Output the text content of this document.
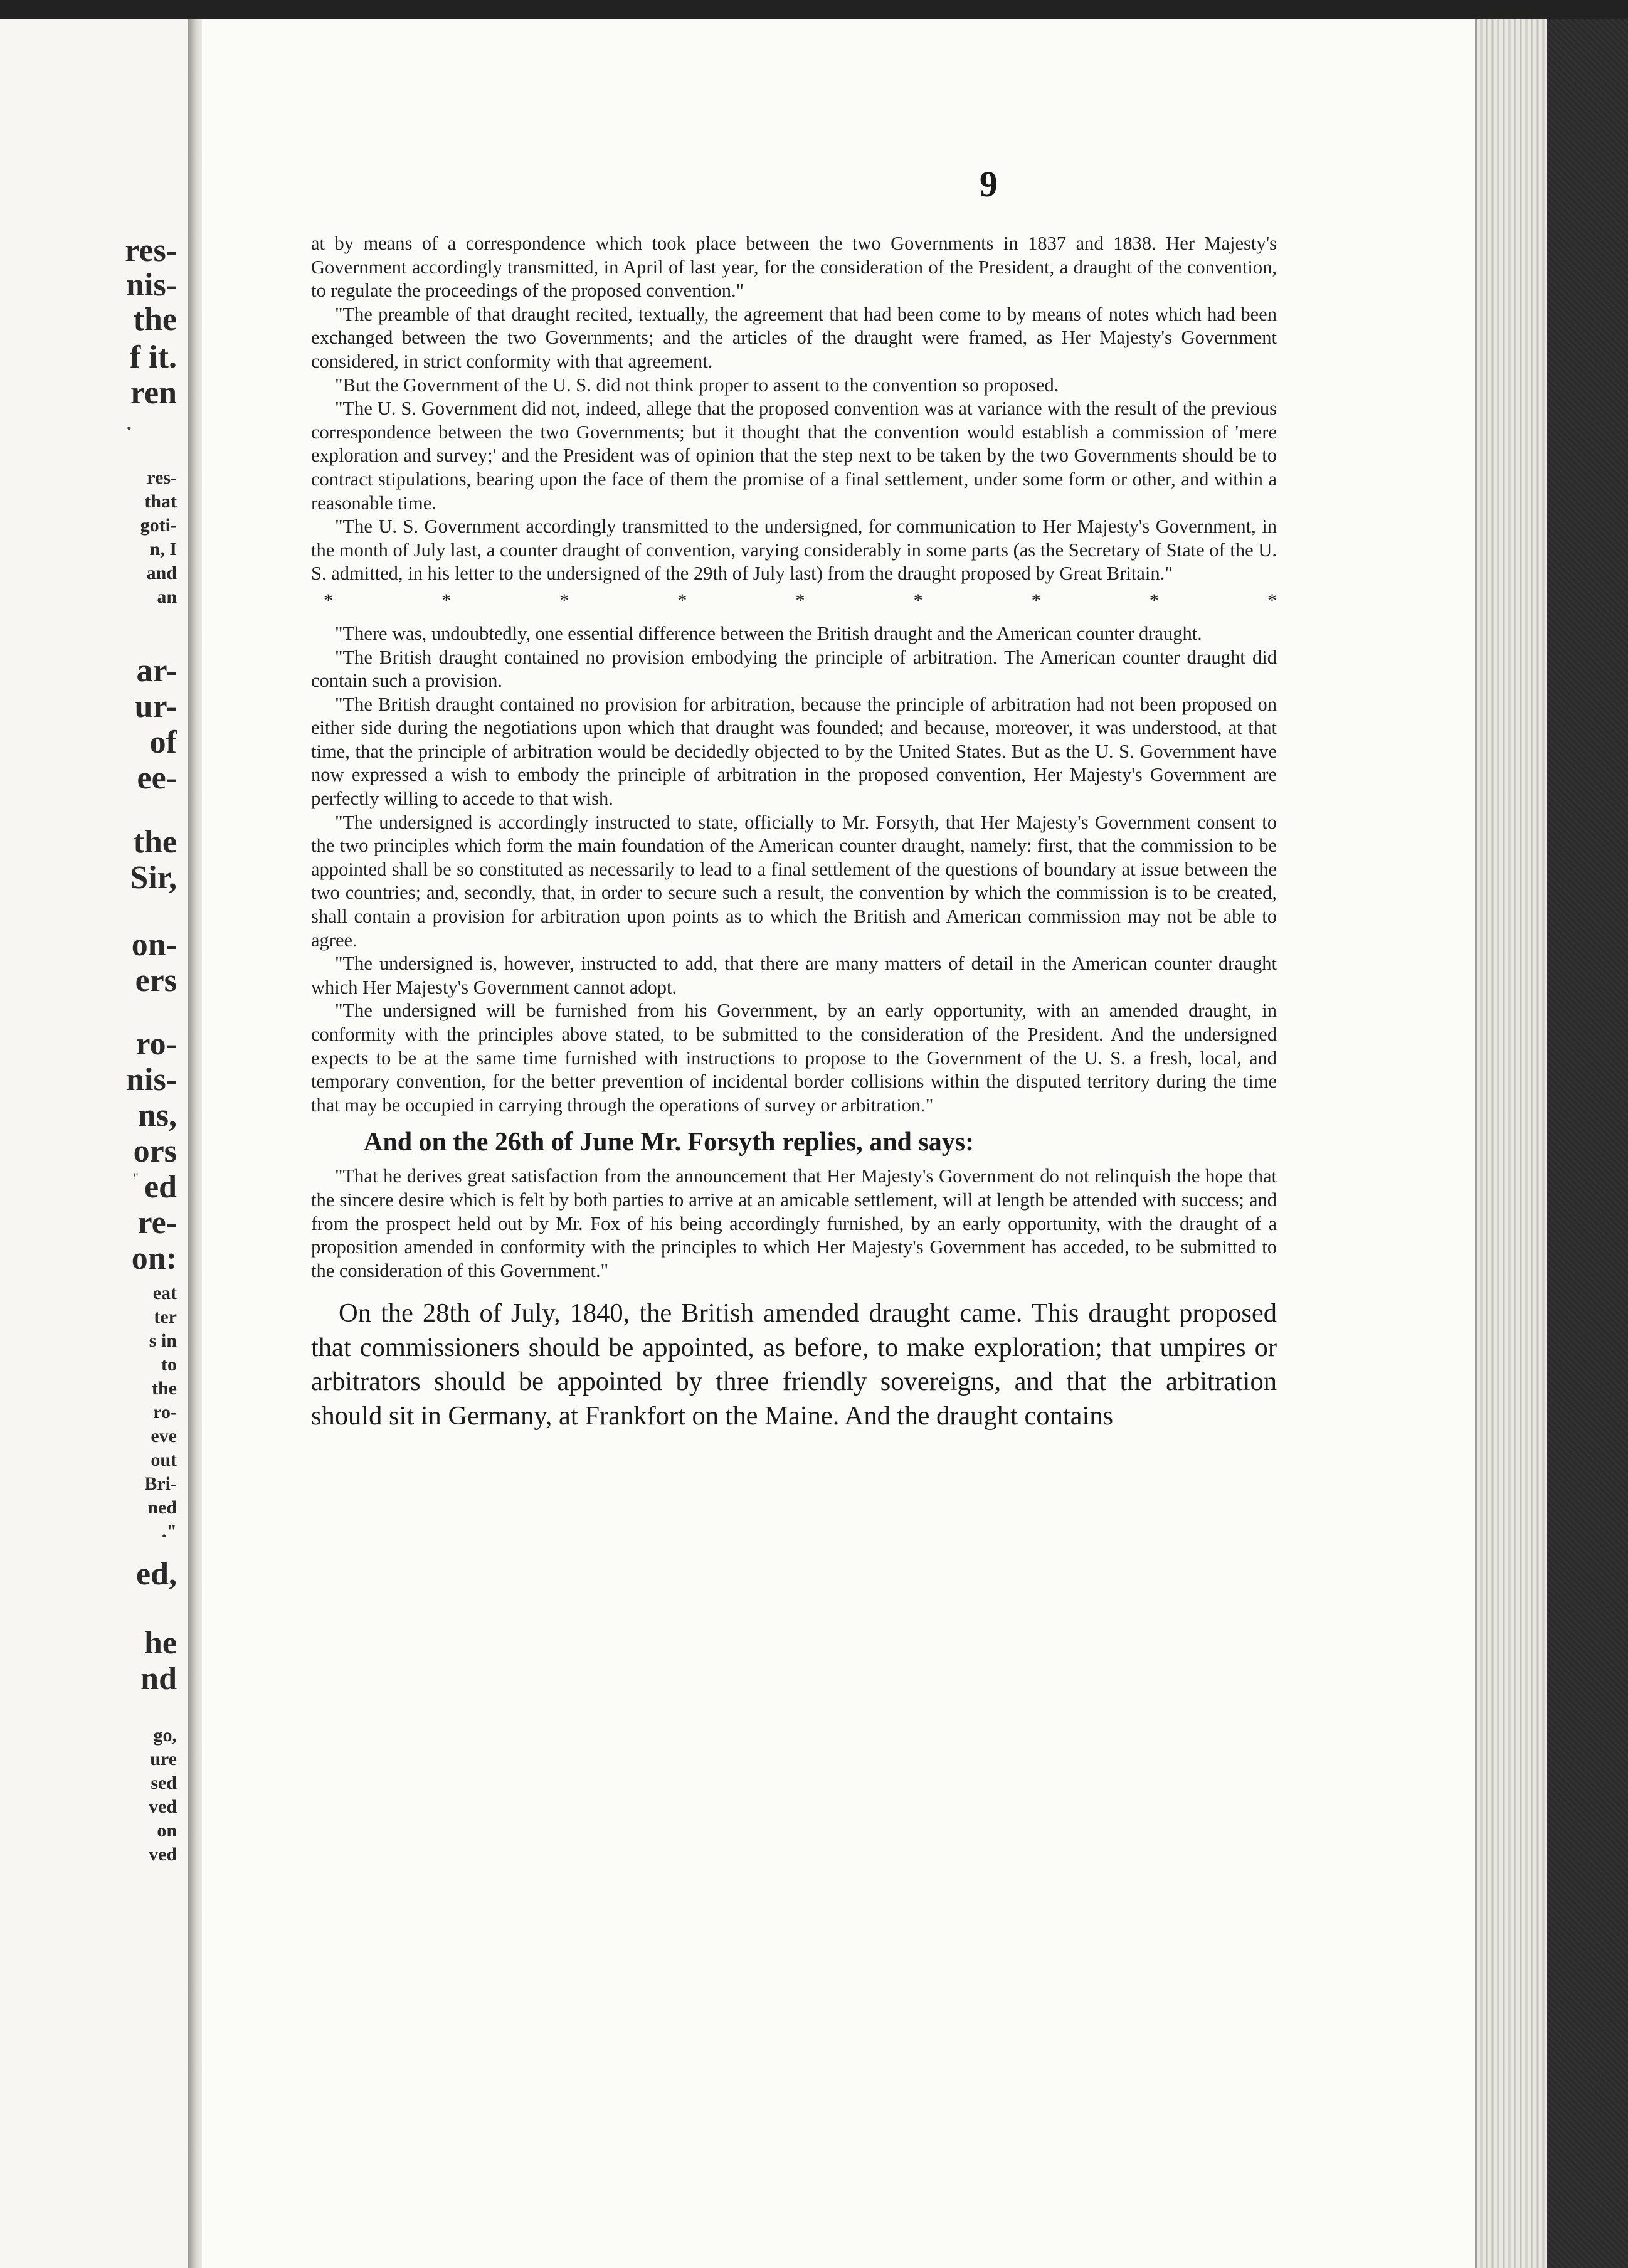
res-
nis-
the
f it.
ren
res-
that
goti-
n, I
and
an
ar-
ur-
of
ee-
the
Sir,
on-
ers
ro-
nis-
ns,
ors
ed
re-
on:
eat
ter
s in
to
the
ro-
eve
out
Bri-
ned
."
ed,
he
nd
go,
ure
sed
ved
on
ved
9
•
"

at by means of a correspondence which took place between the two Governments in 1837 and 1838. Her Majesty's Government accordingly transmitted, in April of last year, for the consideration of the President, a draught of the convention, to regulate the proceedings of the proposed convention."

"The preamble of that draught recited, textually, the agreement that had been come to by means of notes which had been exchanged between the two Governments; and the articles of the draught were framed, as Her Majesty's Government considered, in strict conformity with that agreement.

"But the Government of the U. S. did not think proper to assent to the convention so proposed.

"The U. S. Government did not, indeed, allege that the proposed convention was at variance with the result of the previous correspondence between the two Governments; but it thought that the convention would establish a commission of 'mere exploration and survey;' and the President was of opinion that the step next to be taken by the two Governments should be to contract stipulations, bearing upon the face of them the promise of a final settlement, under some form or other, and within a reasonable time.

"The U. S. Government accordingly transmitted to the undersigned, for communication to Her Majesty's Government, in the month of July last, a counter draught of convention, varying considerably in some parts (as the Secretary of State of the U. S. admitted, in his letter to the undersigned of the 29th of July last) from the draught proposed by Great Britain."

*	*	*	*	*	*	*	*	*

"There was, undoubtedly, one essential difference between the British draught and the American counter draught.

"The British draught contained no provision embodying the principle of arbitration. The American counter draught did contain such a provision.

"The British draught contained no provision for arbitration, because the principle of arbitration had not been proposed on either side during the negotiations upon which that draught was founded; and because, moreover, it was understood, at that time, that the principle of arbitration would be decidedly objected to by the United States. But as the U. S. Government have now expressed a wish to embody the principle of arbitration in the proposed convention, Her Majesty's Government are perfectly willing to accede to that wish.

"The undersigned is accordingly instructed to state, officially to Mr. Forsyth, that Her Majesty's Government consent to the two principles which form the main foundation of the American counter draught, namely: first, that the commission to be appointed shall be so constituted as necessarily to lead to a final settlement of the questions of boundary at issue between the two countries; and, secondly, that, in order to secure such a result, the convention by which the commission is to be created, shall contain a provision for arbitration upon points as to which the British and American commission may not be able to agree.

"The undersigned is, however, instructed to add, that there are many matters of detail in the American counter draught which Her Majesty's Government cannot adopt.

"The undersigned will be furnished from his Government, by an early opportunity, with an amended draught, in conformity with the principles above stated, to be submitted to the consideration of the President. And the undersigned expects to be at the same time furnished with instructions to propose to the Government of the U. S. a fresh, local, and temporary convention, for the better prevention of incidental border collisions within the disputed territory during the time that may be occupied in carrying through the operations of survey or arbitration."

And on the 26th of June Mr. Forsyth replies, and says:

"That he derives great satisfaction from the announcement that Her Majesty's Government do not relinquish the hope that the sincere desire which is felt by both parties to arrive at an amicable settlement, will at length be attended with success; and from the prospect held out by Mr. Fox of his being accordingly furnished, by an early opportunity, with the draught of a proposition amended in conformity with the principles to which Her Majesty's Government has acceded, to be submitted to the consideration of this Government."

On the 28th of July, 1840, the British amended draught came. This draught proposed that commissioners should be appointed, as before, to make exploration; that umpires or arbitrators should be appointed by three friendly sovereigns, and that the arbitration should sit in Germany, at Frankfort on the Maine. And the draught contains
